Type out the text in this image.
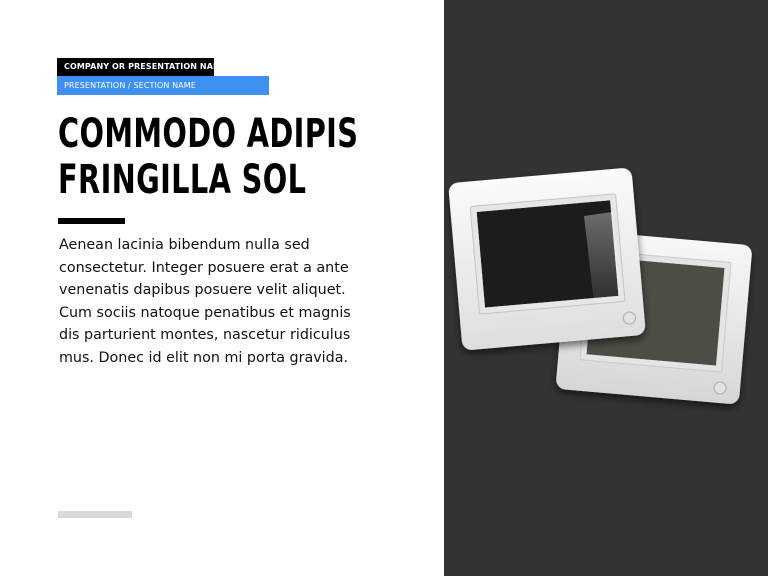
COMPANY OR PRESENTATION NAME
PRESENTATION / SECTION NAME
COMMODO ADIPIS
FRINGILLA SOL

Aenean lacinia bibendum nulla sed
consectetur. Integer posuere erat a ante
venenatis dapibus posuere velit aliquet.
Cum sociis natoque penatibus et magnis
dis parturient montes, nascetur ridiculus
mus. Donec id elit non mi porta gravida.
